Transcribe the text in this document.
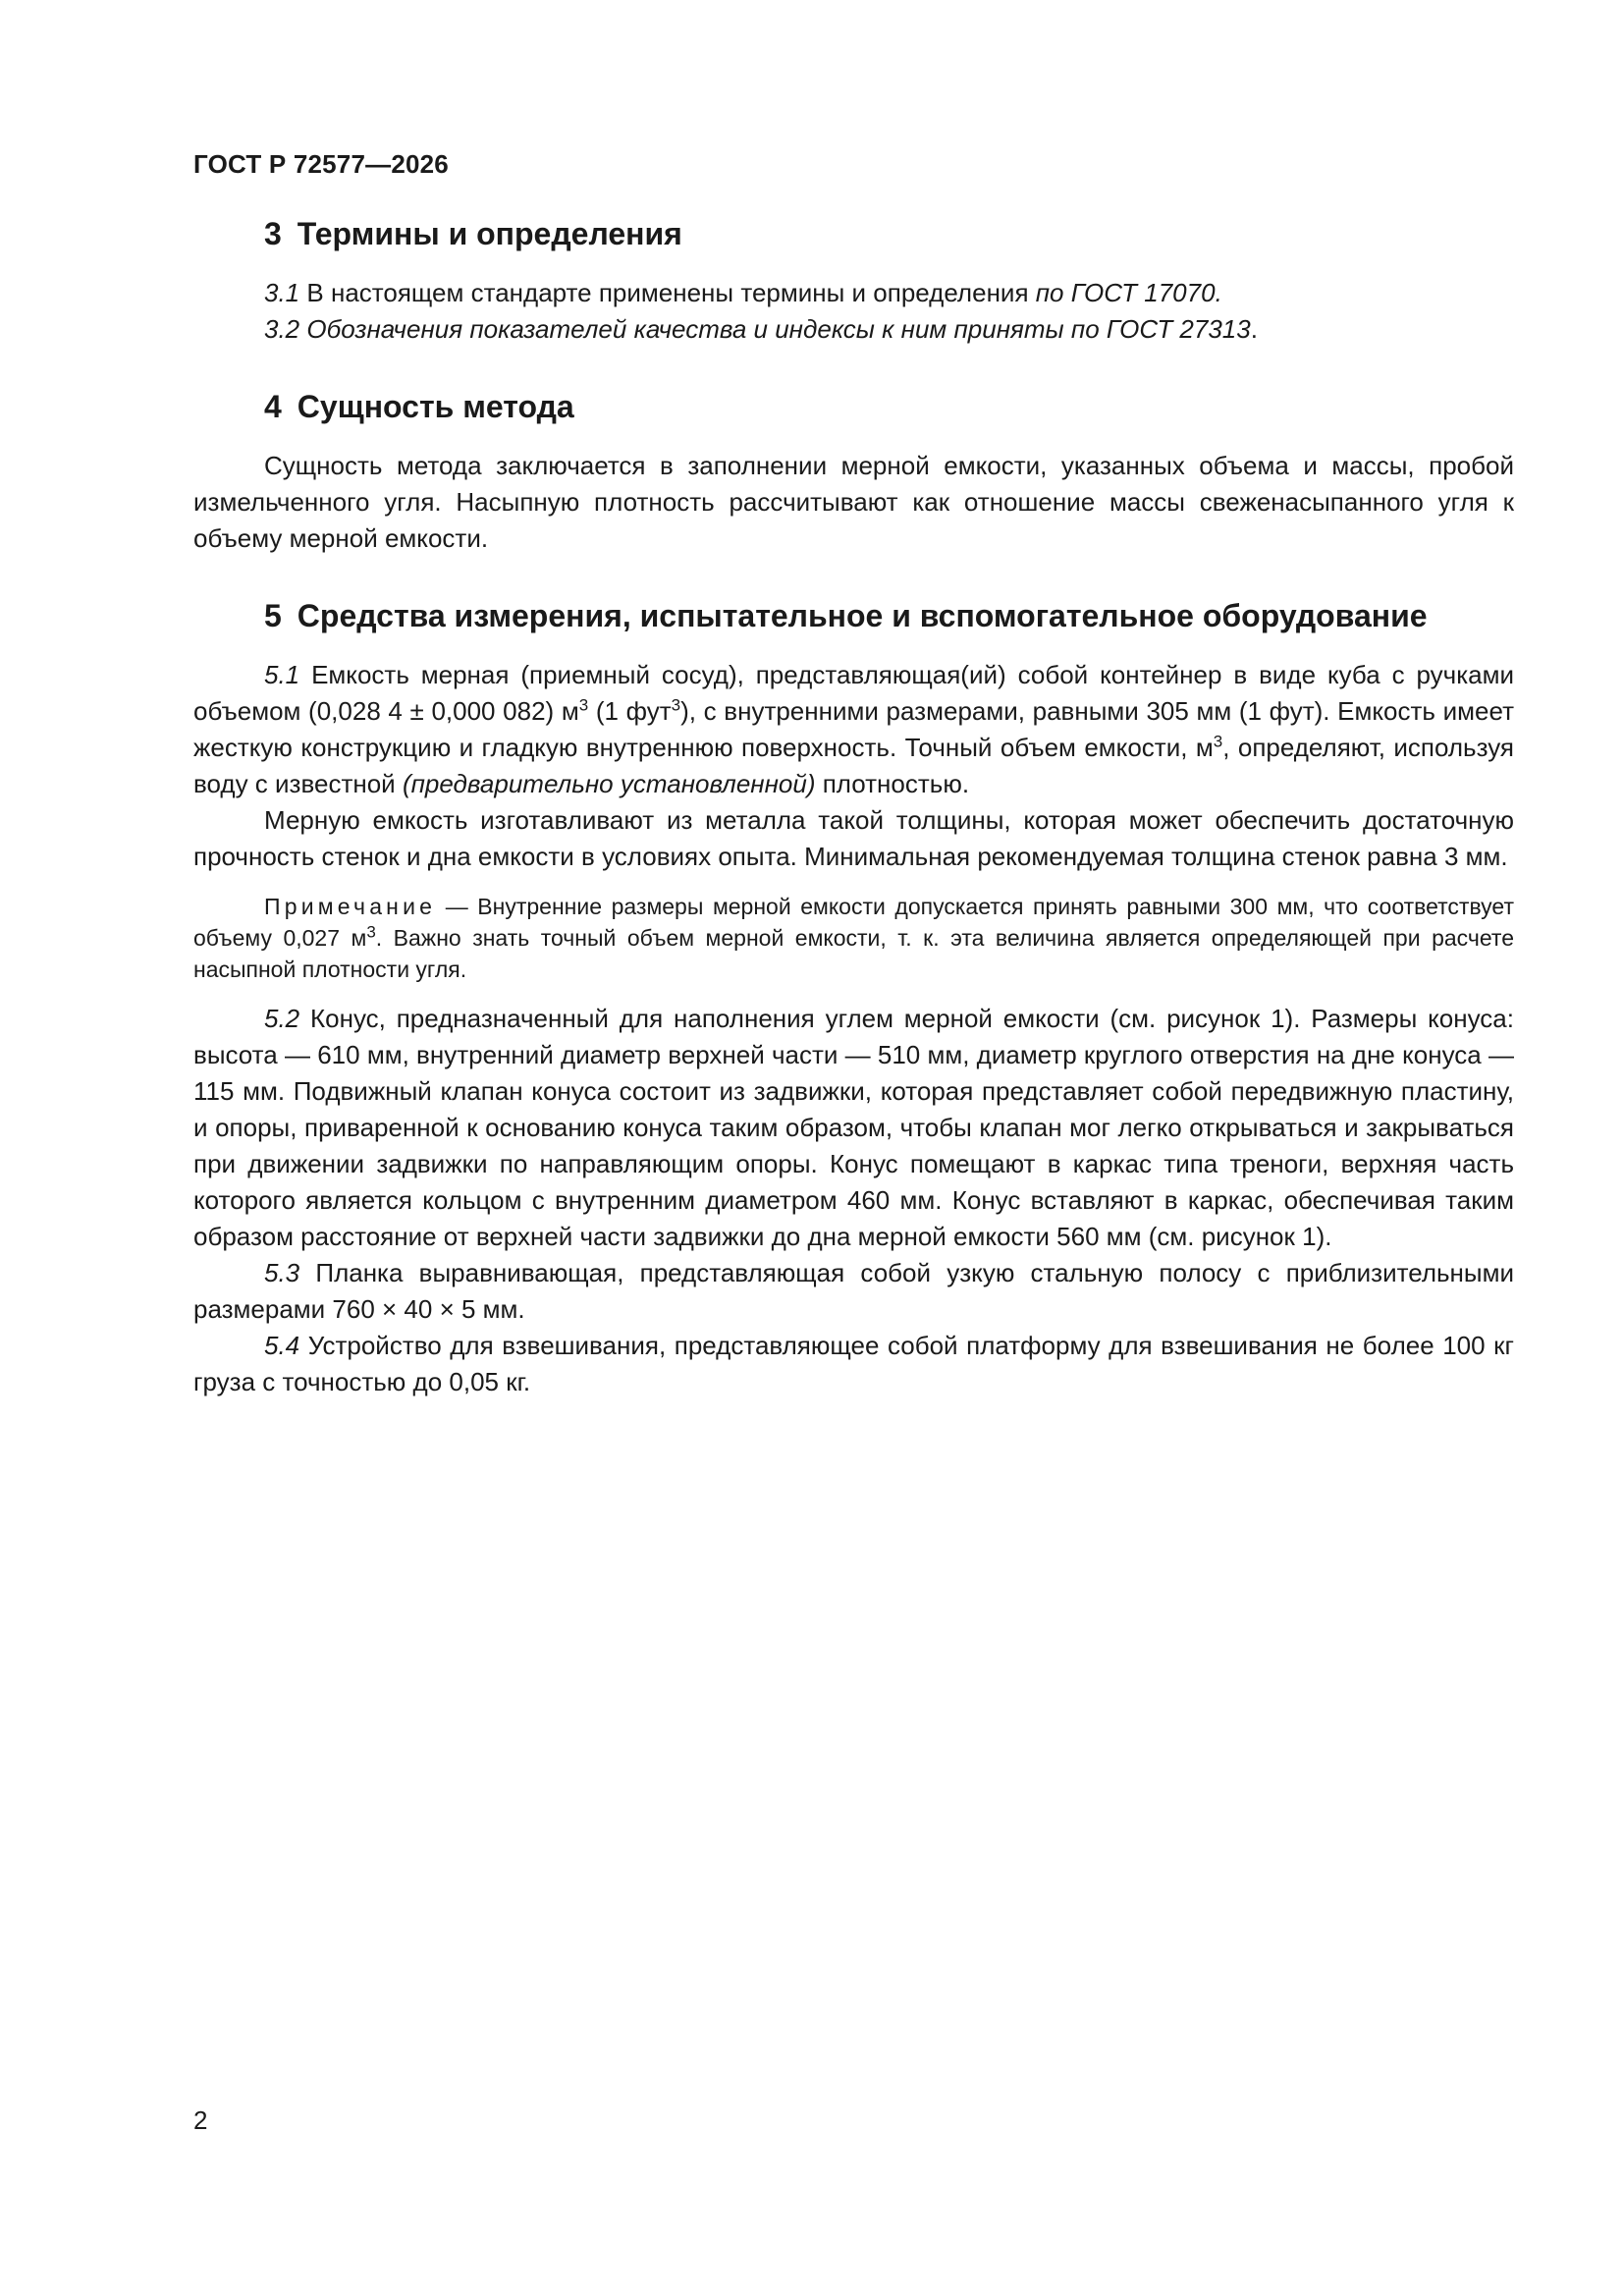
ГОСТ Р 72577—2026
3 Термины и определения

3.1 В настоящем стандарте применены термины и определения по ГОСТ 17070.

3.2 Обозначения показателей качества и индексы к ним приняты по ГОСТ 27313.

4 Сущность метода

Сущность метода заключается в заполнении мерной емкости, указанных объема и массы, пробой измельченного угля. Насыпную плотность рассчитывают как отношение массы свеженасыпанного угля к объему мерной емкости.

5 Средства измерения, испытательное и вспомогательное оборудование

5.1 Емкость мерная (приемный сосуд), представляющая(ий) собой контейнер в виде куба с ручками объемом (0,028 4 ± 0,000 082) $м^3$ (1 фут$^3$), с внутренними размерами, равными 305 мм (1 фут). Емкость имеет жесткую конструкцию и гладкую внутреннюю поверхность. Точный объем емкости, $м^3$, определяют, используя воду с известной (предварительно установленной) плотностью.

Мерную емкость изготавливают из металла такой толщины, которая может обеспечить достаточную прочность стенок и дна емкости в условиях опыта. Минимальная рекомендуемая толщина стенок равна 3 мм.

Примечание — Внутренние размеры мерной емкости допускается принять равными 300 мм, что соответствует объему 0,027 $м^3$. Важно знать точный объем мерной емкости, т. к. эта величина является определяющей при расчете насыпной плотности угля.

5.2 Конус, предназначенный для наполнения углем мерной емкости (см. рисунок 1). Размеры конуса: высота — 610 мм, внутренний диаметр верхней части — 510 мм, диаметр круглого отверстия на дне конуса — 115 мм. Подвижный клапан конуса состоит из задвижки, которая представляет собой передвижную пластину, и опоры, приваренной к основанию конуса таким образом, чтобы клапан мог легко открываться и закрываться при движении задвижки по направляющим опоры. Конус помещают в каркас типа треноги, верхняя часть которого является кольцом с внутренним диаметром 460 мм. Конус вставляют в каркас, обеспечивая таким образом расстояние от верхней части задвижки до дна мерной емкости 560 мм (см. рисунок 1).

5.3 Планка выравнивающая, представляющая собой узкую стальную полосу с приблизительными размерами 760 × 40 × 5 мм.

5.4 Устройство для взвешивания, представляющее собой платформу для взвешивания не более 100 кг груза с точностью до 0,05 кг.

2
